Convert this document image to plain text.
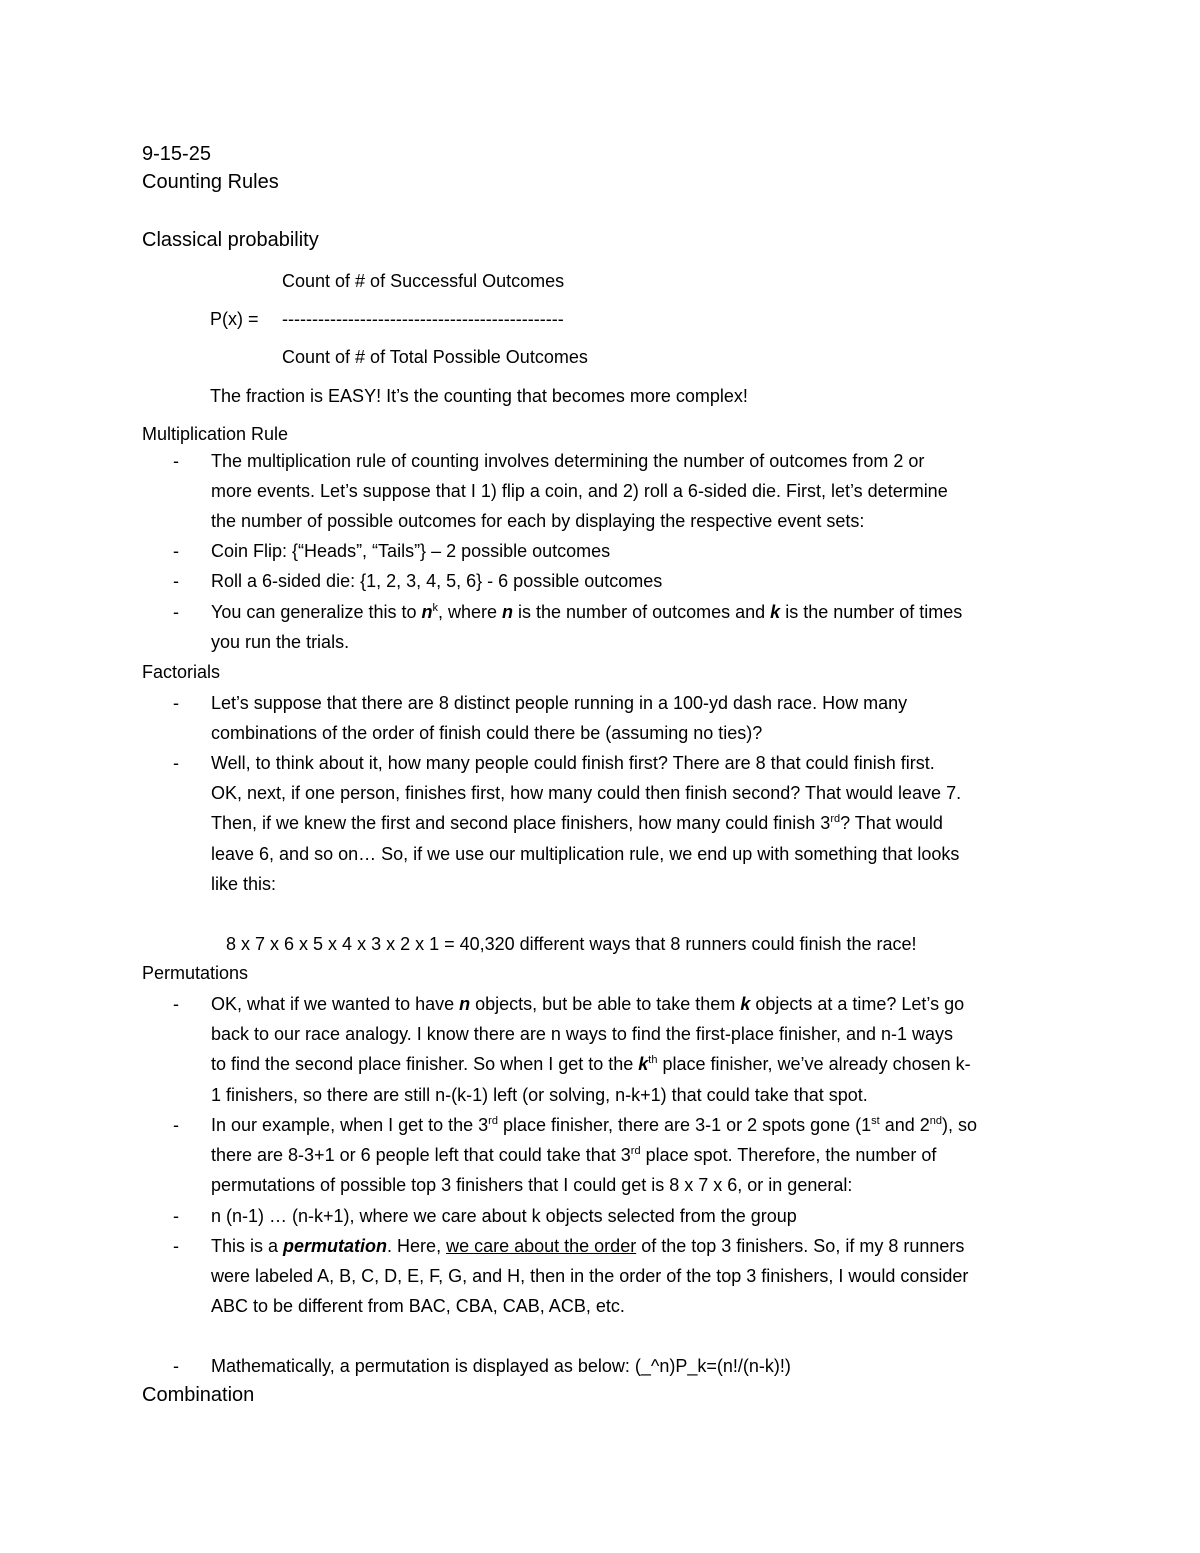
9-15-25
Counting Rules
Classical probability
Count of # of Successful Outcomes
P(x) = -----------------------------------------------
Count of # of Total Possible Outcomes
The fraction is EASY! It’s the counting that becomes more complex!
Multiplication Rule
- The multiplication rule of counting involves determining the number of outcomes from 2 or
more events. Let’s suppose that I 1) flip a coin, and 2) roll a 6-sided die. First, let’s determine
the number of possible outcomes for each by displaying the respective event sets:
- Coin Flip: {“Heads”, “Tails”} – 2 possible outcomes
- Roll a 6-sided die: {1, 2, 3, 4, 5, 6} - 6 possible outcomes
- You can generalize this to $n^k$, where n is the number of outcomes and k is the number of times
you run the trials.
Factorials
- Let’s suppose that there are 8 distinct people running in a 100-yd dash race. How many
combinations of the order of finish could there be (assuming no ties)?
- Well, to think about it, how many people could finish first? There are 8 that could finish first.
OK, next, if one person, finishes first, how many could then finish second? That would leave 7.
Then, if we knew the first and second place finishers, how many could finish 3rd? That would
leave 6, and so on… So, if we use our multiplication rule, we end up with something that looks
like this:
8 x 7 x 6 x 5 x 4 x 3 x 2 x 1 = 40,320 different ways that 8 runners could finish the race!
Permutations
- OK, what if we wanted to have n objects, but be able to take them k objects at a time? Let’s go
back to our race analogy. I know there are n ways to find the first-place finisher, and n-1 ways
to find the second place finisher. So when I get to the $k^{th}$ place finisher, we’ve already chosen k-
1 finishers, so there are still n-(k-1) left (or solving, n-k+1) that could take that spot.
- In our example, when I get to the 3rd place finisher, there are 3-1 or 2 spots gone (1st and 2nd), so
there are 8-3+1 or 6 people left that could take that 3rd place spot. Therefore, the number of
permutations of possible top 3 finishers that I could get is 8 x 7 x 6, or in general:
- n (n-1) … (n-k+1), where we care about k objects selected from the group
- This is a permutation. Here, we care about the order of the top 3 finishers. So, if my 8 runners
were labeled A, B, C, D, E, F, G, and H, then in the order of the top 3 finishers, I would consider
ABC to be different from BAC, CBA, CAB, ACB, etc.
- Mathematically, a permutation is displayed as below: (_^n)P_k=(n!/(n-k)!)
Combination
